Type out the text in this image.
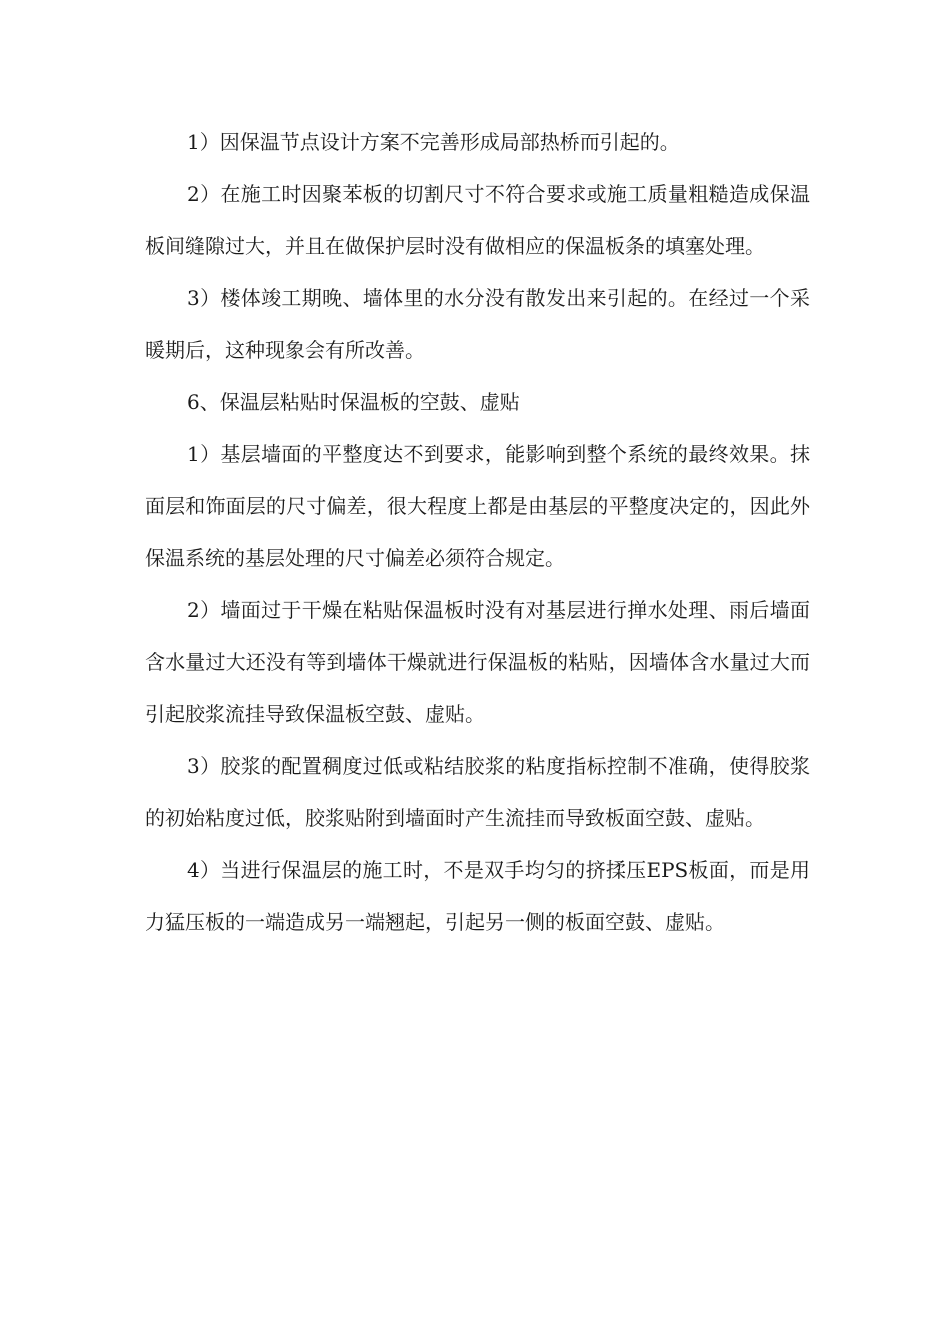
1）因保温节点设计方案不完善形成局部热桥而引起的。

2）在施工时因聚苯板的切割尺寸不符合要求或施工质量粗糙造成保温板间缝隙过大，并且在做保护层时没有做相应的保温板条的填塞处理。

3）楼体竣工期晚、墙体里的水分没有散发出来引起的。在经过一个采暖期后，这种现象会有所改善。

6、保温层粘贴时保温板的空鼓、虚贴

1）基层墙面的平整度达不到要求，能影响到整个系统的最终效果。抹面层和饰面层的尺寸偏差，很大程度上都是由基层的平整度决定的，因此外保温系统的基层处理的尺寸偏差必须符合规定。

2）墙面过于干燥在粘贴保温板时没有对基层进行掸水处理、雨后墙面含水量过大还没有等到墙体干燥就进行保温板的粘贴，因墙体含水量过大而引起胶浆流挂导致保温板空鼓、虚贴。

3）胶浆的配置稠度过低或粘结胶浆的粘度指标控制不准确，使得胶浆的初始粘度过低，胶浆贴附到墙面时产生流挂而导致板面空鼓、虚贴。

4）当进行保温层的施工时，不是双手均匀的挤揉压EPS板面，而是用力猛压板的一端造成另一端翘起，引起另一侧的板面空鼓、虚贴。
